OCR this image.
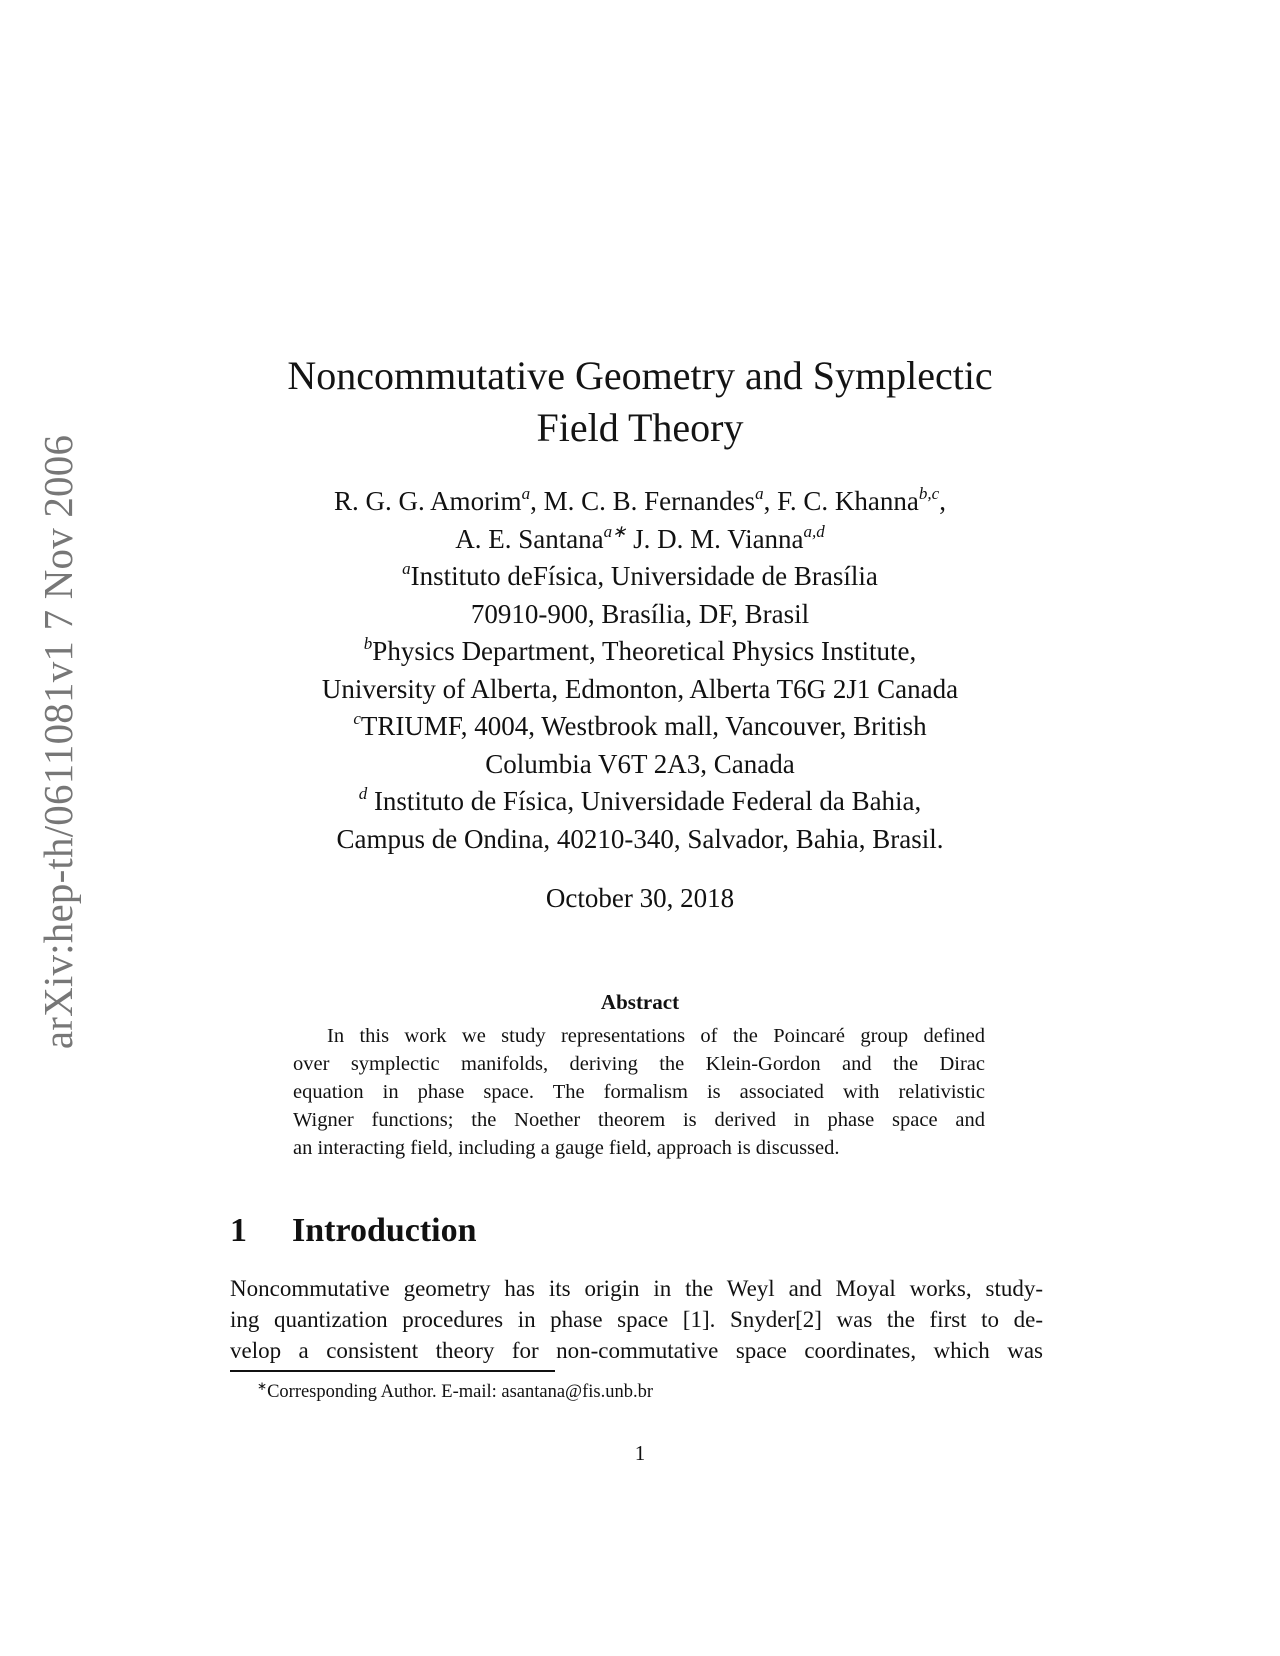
arXiv:hep-th/0611081v1 7 Nov 2006
Noncommutative Geometry and Symplectic
Field Theory
R. G. G. Amorim$^a$, M. C. B. Fernandes$^a$, F. C. Khanna$^{b,c}$,
A. E. Santana$^{a∗}$ J. D. M. Vianna$^{a,d}$
$^a$Instituto deFísica, Universidade de Brasília
70910-900, Brasília, DF, Brasil
$^b$Physics Department, Theoretical Physics Institute,
University of Alberta, Edmonton, Alberta T6G 2J1 Canada
$^c$TRIUMF, 4004, Westbrook mall, Vancouver, British
Columbia V6T 2A3, Canada
$^d$ Instituto de Física, Universidade Federal da Bahia,
Campus de Ondina, 40210-340, Salvador, Bahia, Brasil.
October 30, 2018
Abstract
In this work we study representations of the Poincaré group defined
over symplectic manifolds, deriving the Klein-Gordon and the Dirac
equation in phase space. The formalism is associated with relativistic
Wigner functions; the Noether theorem is derived in phase space and
an interacting field, including a gauge field, approach is discussed.
1 Introduction
Noncommutative geometry has its origin in the Weyl and Moyal works, study-
ing quantization procedures in phase space [1]. Snyder[2] was the first to de-
velop a consistent theory for non-commutative space coordinates, which was
∗Corresponding Author. E-mail: asantana@fis.unb.br
1
